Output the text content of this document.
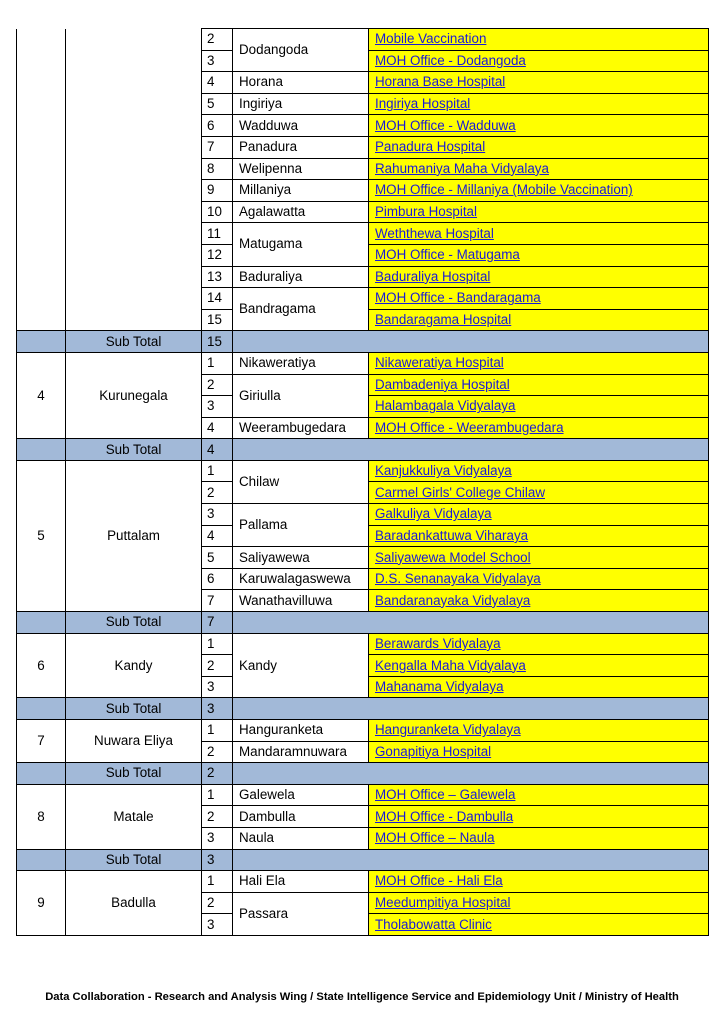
		2	Dodangoda	Mobile Vaccination
		3		MOH Office - Dodangoda
		4	Horana	Horana Base Hospital
		5	Ingiriya	Ingiriya Hospital
		6	Wadduwa	MOH Office - Wadduwa
		7	Panadura	Panadura Hospital
		8	Welipenna	Rahumaniya Maha Vidyalaya
		9	Millaniya	MOH Office - Millaniya (Mobile Vaccination)
		10	Agalawatta	Pimbura Hospital
		11	Matugama	Weththewa Hospital
		12		MOH Office - Matugama
		13	Baduraliya	Baduraliya Hospital
		14	Bandragama	MOH Office - Bandaragama
		15		Bandaragama Hospital
	Sub Total	15		
4	Kurunegala	1	Nikaweratiya	Nikaweratiya Hospital
		2	Giriulla	Dambadeniya Hospital
		3		Halambagala Vidyalaya
		4	Weerambugedara	MOH Office - Weerambugedara
	Sub Total	4		
5	Puttalam	1	Chilaw	Kanjukkuliya Vidyalaya
		2		Carmel Girls' College Chilaw
		3	Pallama	Galkuliya Vidyalaya
		4		Baradankattuwa Viharaya
		5	Saliyawewa	Saliyawewa Model School
		6	Karuwalagaswewa	D.S. Senanayaka Vidyalaya
		7	Wanathavilluwa	Bandaranayaka Vidyalaya
	Sub Total	7		
6	Kandy	1	Kandy	Berawards Vidyalaya
		2		Kengalla Maha Vidyalaya
		3		Mahanama Vidyalaya
	Sub Total	3		
7	Nuwara Eliya	1	Hanguranketa	Hanguranketa Vidyalaya
		2	Mandaramnuwara	Gonapitiya Hospital
	Sub Total	2		
8	Matale	1	Galewela	MOH Office – Galewela
		2	Dambulla	MOH Office - Dambulla
		3	Naula	MOH Office – Naula
	Sub Total	3		
9	Badulla	1	Hali Ela	MOH Office - Hali Ela
		2	Passara	Meedumpitiya Hospital
		3		Tholabowatta Clinic
Data Collaboration - Research and Analysis Wing / State Intelligence Service and Epidemiology Unit / Ministry of Health
